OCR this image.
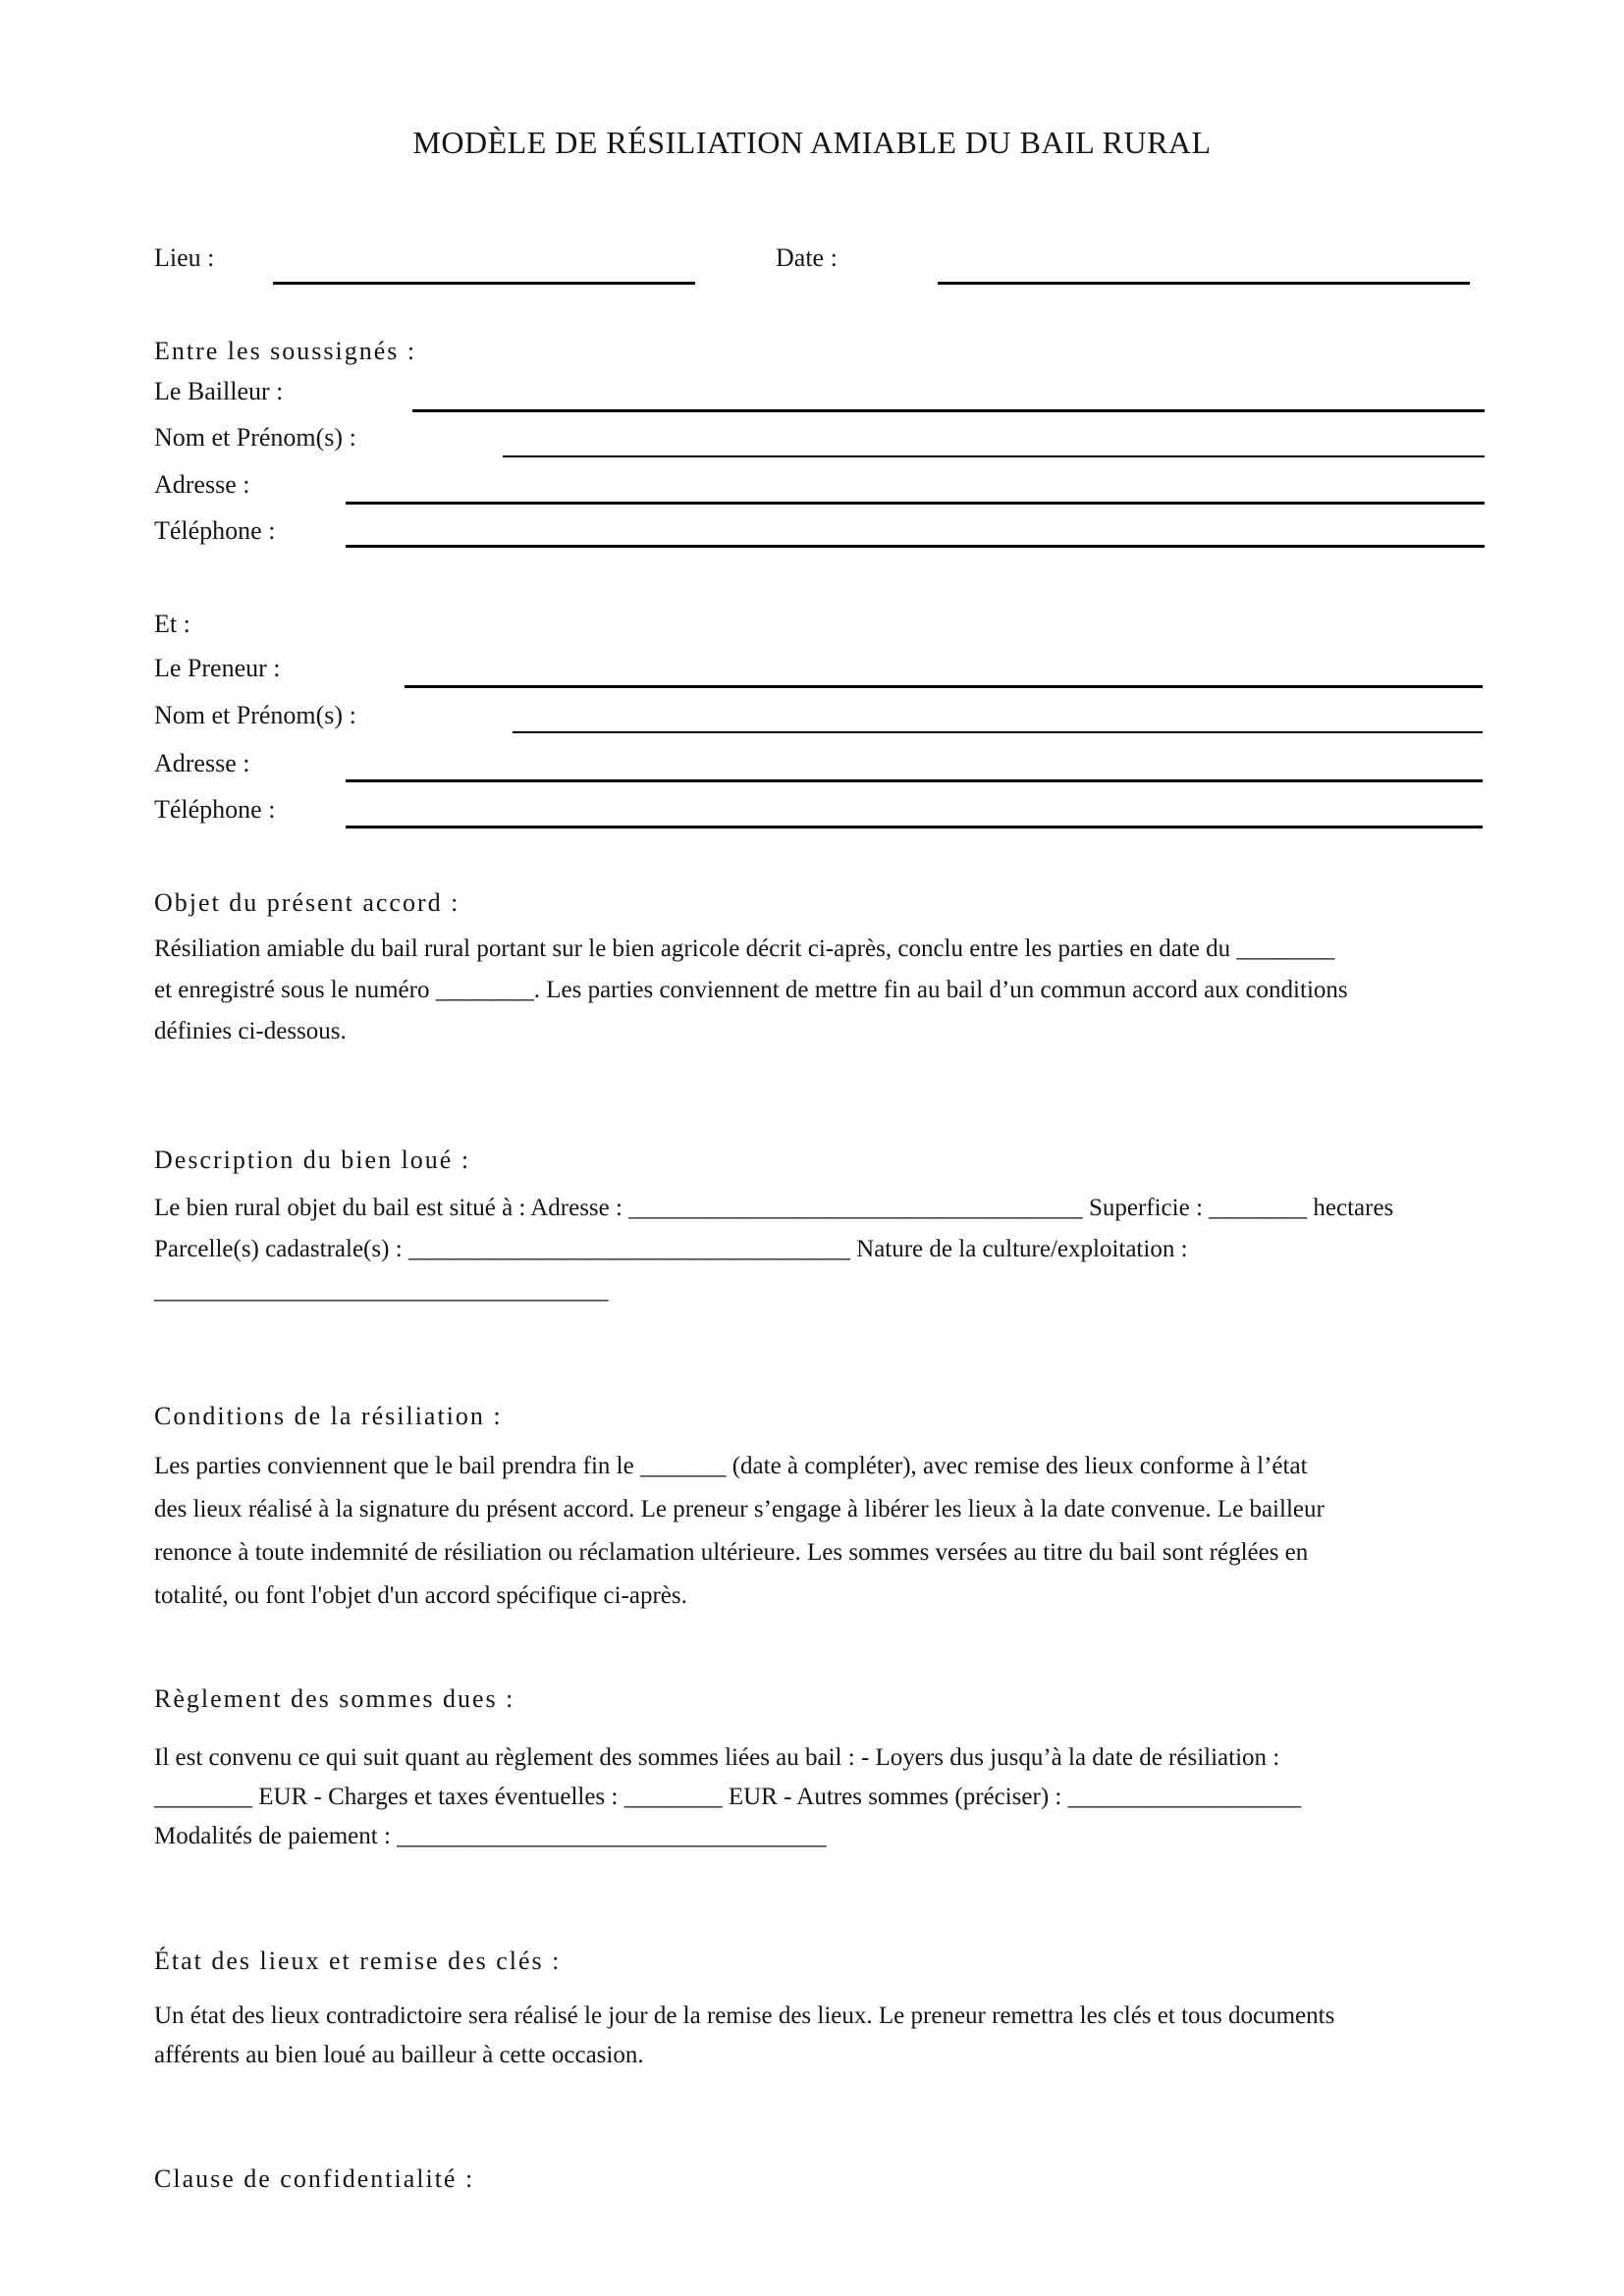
MODÈLE DE RÉSILIATION AMIABLE DU BAIL RURAL
Lieu :	Date :
Entre les soussignés :
Le Bailleur :
Nom et Prénom(s) :
Adresse :
Téléphone :
Et :
Le Preneur :
Nom et Prénom(s) :
Adresse :
Téléphone :
Objet du présent accord :
Résiliation amiable du bail rural portant sur le bien agricole décrit ci-après, conclu entre les parties en date du ________
et enregistré sous le numéro ________. Les parties conviennent de mettre fin au bail d’un commun accord aux conditions
définies ci-dessous.
Description du bien loué :
Le bien rural objet du bail est situé à : Adresse : _____________________________________ Superficie : ________ hectares
Parcelle(s) cadastrale(s) : ____________________________________ Nature de la culture/exploitation :
_____________________________________
Conditions de la résiliation :
Les parties conviennent que le bail prendra fin le _______ (date à compléter), avec remise des lieux conforme à l’état
des lieux réalisé à la signature du présent accord. Le preneur s’engage à libérer les lieux à la date convenue. Le bailleur
renonce à toute indemnité de résiliation ou réclamation ultérieure. Les sommes versées au titre du bail sont réglées en
totalité, ou font l'objet d'un accord spécifique ci-après.
Règlement des sommes dues :
Il est convenu ce qui suit quant au règlement des sommes liées au bail : - Loyers dus jusqu’à la date de résiliation :
________ EUR - Charges et taxes éventuelles : ________ EUR - Autres sommes (préciser) : ___________________
Modalités de paiement : ___________________________________
État des lieux et remise des clés :
Un état des lieux contradictoire sera réalisé le jour de la remise des lieux. Le preneur remettra les clés et tous documents
afférents au bien loué au bailleur à cette occasion.
Clause de confidentialité :
